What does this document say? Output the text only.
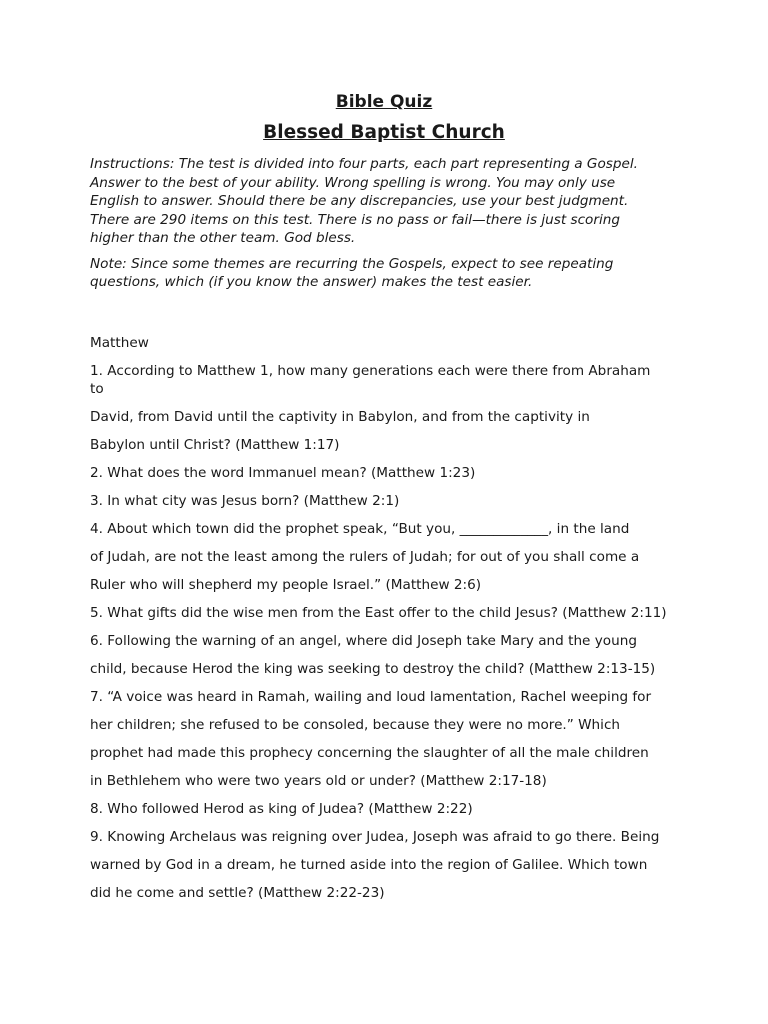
Bible Quiz

Blessed Baptist Church

Instructions: The test is divided into four parts, each part representing a Gospel.
Answer to the best of your ability. Wrong spelling is wrong. You may only use
English to answer. Should there be any discrepancies, use your best judgment.
There are 290 items on this test. There is no pass or fail—there is just scoring
higher than the other team. God bless.
Note: Since some themes are recurring the Gospels, expect to see repeating
questions, which (if you know the answer) makes the test easier.

Matthew

1. According to Matthew 1, how many generations each were there from Abraham

to

David, from David until the captivity in Babylon, and from the captivity in

Babylon until Christ? (Matthew 1:17)

2. What does the word Immanuel mean? (Matthew 1:23)

3. In what city was Jesus born? (Matthew 2:1)

4. About which town did the prophet speak, “But you, _____________, in the land

of Judah, are not the least among the rulers of Judah; for out of you shall come a

Ruler who will shepherd my people Israel.” (Matthew 2:6)

5. What gifts did the wise men from the East offer to the child Jesus? (Matthew 2:11)

6. Following the warning of an angel, where did Joseph take Mary and the young

child, because Herod the king was seeking to destroy the child? (Matthew 2:13-15)

7. “A voice was heard in Ramah, wailing and loud lamentation, Rachel weeping for

her children; she refused to be consoled, because they were no more.” Which

prophet had made this prophecy concerning the slaughter of all the male children

in Bethlehem who were two years old or under? (Matthew 2:17-18)

8. Who followed Herod as king of Judea? (Matthew 2:22)

9. Knowing Archelaus was reigning over Judea, Joseph was afraid to go there. Being

warned by God in a dream, he turned aside into the region of Galilee. Which town

did he come and settle? (Matthew 2:22-23)
